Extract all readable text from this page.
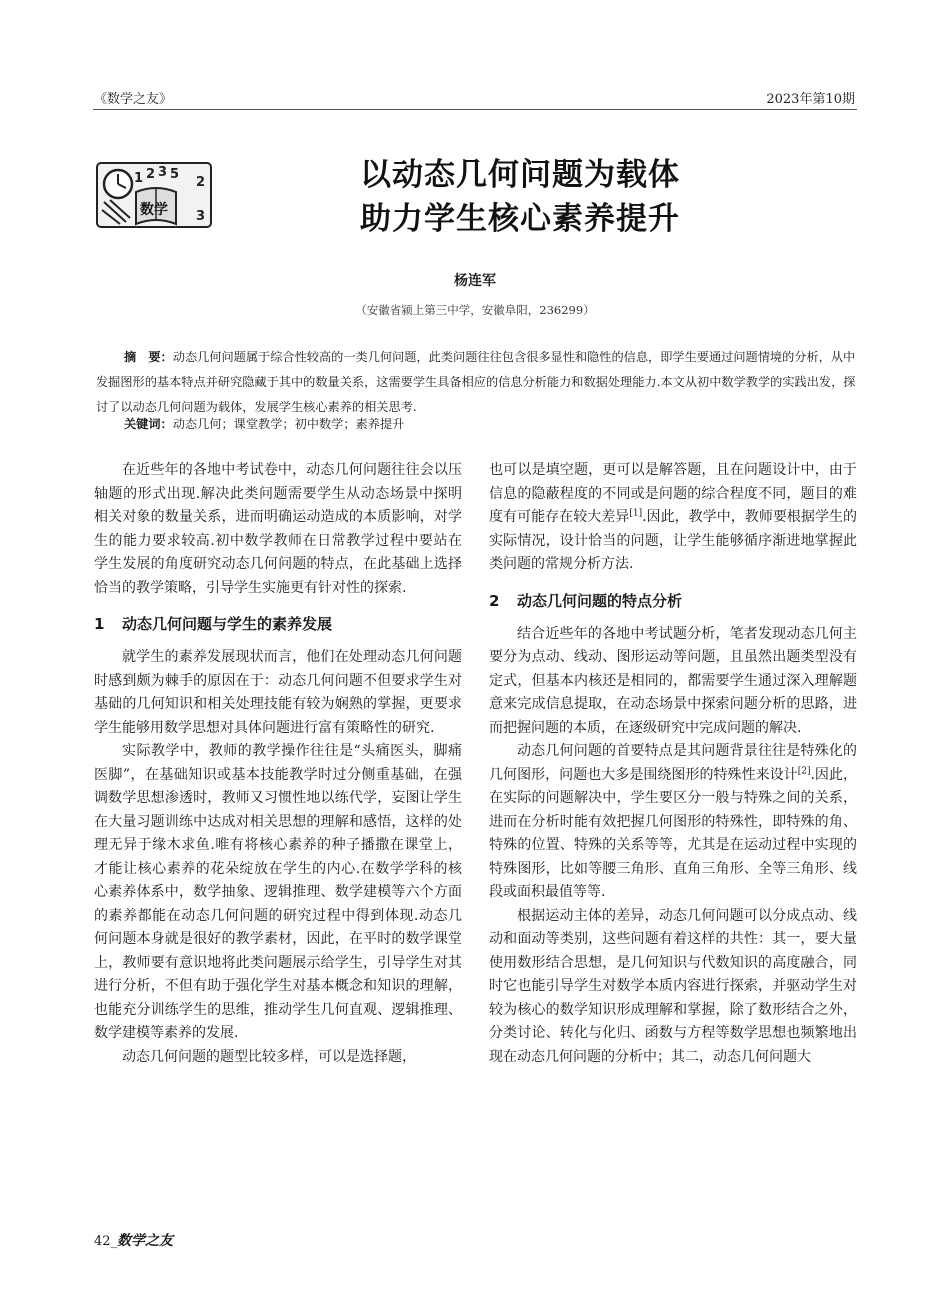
《数学之友》	2023年第10期
1 2 3 5
2
3
数学
以动态几何问题为载体
助力学生核心素养提升
杨连军
（安徽省颍上第三中学，安徽阜阳，236299）

摘　要：动态几何问题属于综合性较高的一类几何问题，此类问题往往包含很多显性和隐性的信息，即学生要通过问题情境的分析，从中发掘图形的基本特点并研究隐藏于其中的数量关系，这需要学生具备相应的信息分析能力和数据处理能力.本文从初中数学教学的实践出发，探讨了以动态几何问题为载体，发展学生核心素养的相关思考.

关键词：动态几何；课堂教学；初中数学；素养提升

在近些年的各地中考试卷中，动态几何问题往往会以压轴题的形式出现.解决此类问题需要学生从动态场景中探明相关对象的数量关系，进而明确运动造成的本质影响，对学生的能力要求较高.初中数学教师在日常教学过程中要站在学生发展的角度研究动态几何问题的特点，在此基础上选择恰当的教学策略，引导学生实施更有针对性的探索.

1 动态几何问题与学生的素养发展

就学生的素养发展现状而言，他们在处理动态几何问题时感到颇为棘手的原因在于：动态几何问题不但要求学生对基础的几何知识和相关处理技能有较为娴熟的掌握，更要求学生能够用数学思想对具体问题进行富有策略性的研究.

实际教学中，教师的教学操作往往是“头痛医头，脚痛医脚”，在基础知识或基本技能教学时过分侧重基础，在强调数学思想渗透时，教师又习惯性地以练代学，妄图让学生在大量习题训练中达成对相关思想的理解和感悟，这样的处理无异于缘木求鱼.唯有将核心素养的种子播撒在课堂上，才能让核心素养的花朵绽放在学生的内心.在数学学科的核心素养体系中，数学抽象、逻辑推理、数学建模等六个方面的素养都能在动态几何问题的研究过程中得到体现.动态几何问题本身就是很好的教学素材，因此，在平时的数学课堂上，教师要有意识地将此类问题展示给学生，引导学生对其进行分析，不但有助于强化学生对基本概念和知识的理解，也能充分训练学生的思维，推动学生几何直观、逻辑推理、数学建模等素养的发展.

动态几何问题的题型比较多样，可以是选择题，

也可以是填空题，更可以是解答题，且在问题设计中，由于信息的隐蔽程度的不同或是问题的综合程度不同，题目的难度有可能存在较大差异[1].因此，教学中，教师要根据学生的实际情况，设计恰当的问题，让学生能够循序渐进地掌握此类问题的常规分析方法.

2 动态几何问题的特点分析

结合近些年的各地中考试题分析，笔者发现动态几何主要分为点动、线动、图形运动等问题，且虽然出题类型没有定式，但基本内核还是相同的，都需要学生通过深入理解题意来完成信息提取，在动态场景中探索问题分析的思路，进而把握问题的本质，在逐级研究中完成问题的解决.

动态几何问题的首要特点是其问题背景往往是特殊化的几何图形，问题也大多是围绕图形的特殊性来设计[2].因此，在实际的问题解决中，学生要区分一般与特殊之间的关系，进而在分析时能有效把握几何图形的特殊性，即特殊的角、特殊的位置、特殊的关系等等，尤其是在运动过程中实现的特殊图形，比如等腰三角形、直角三角形、全等三角形、线段或面积最值等等.

根据运动主体的差异，动态几何问题可以分成点动、线动和面动等类别，这些问题有着这样的共性：其一，要大量使用数形结合思想，是几何知识与代数知识的高度融合，同时它也能引导学生对数学本质内容进行探索，并驱动学生对较为核心的数学知识形成理解和掌握，除了数形结合之外，分类讨论、转化与化归、函数与方程等数学思想也频繁地出现在动态几何问题的分析中；其二，动态几何问题大

42_数学之友
